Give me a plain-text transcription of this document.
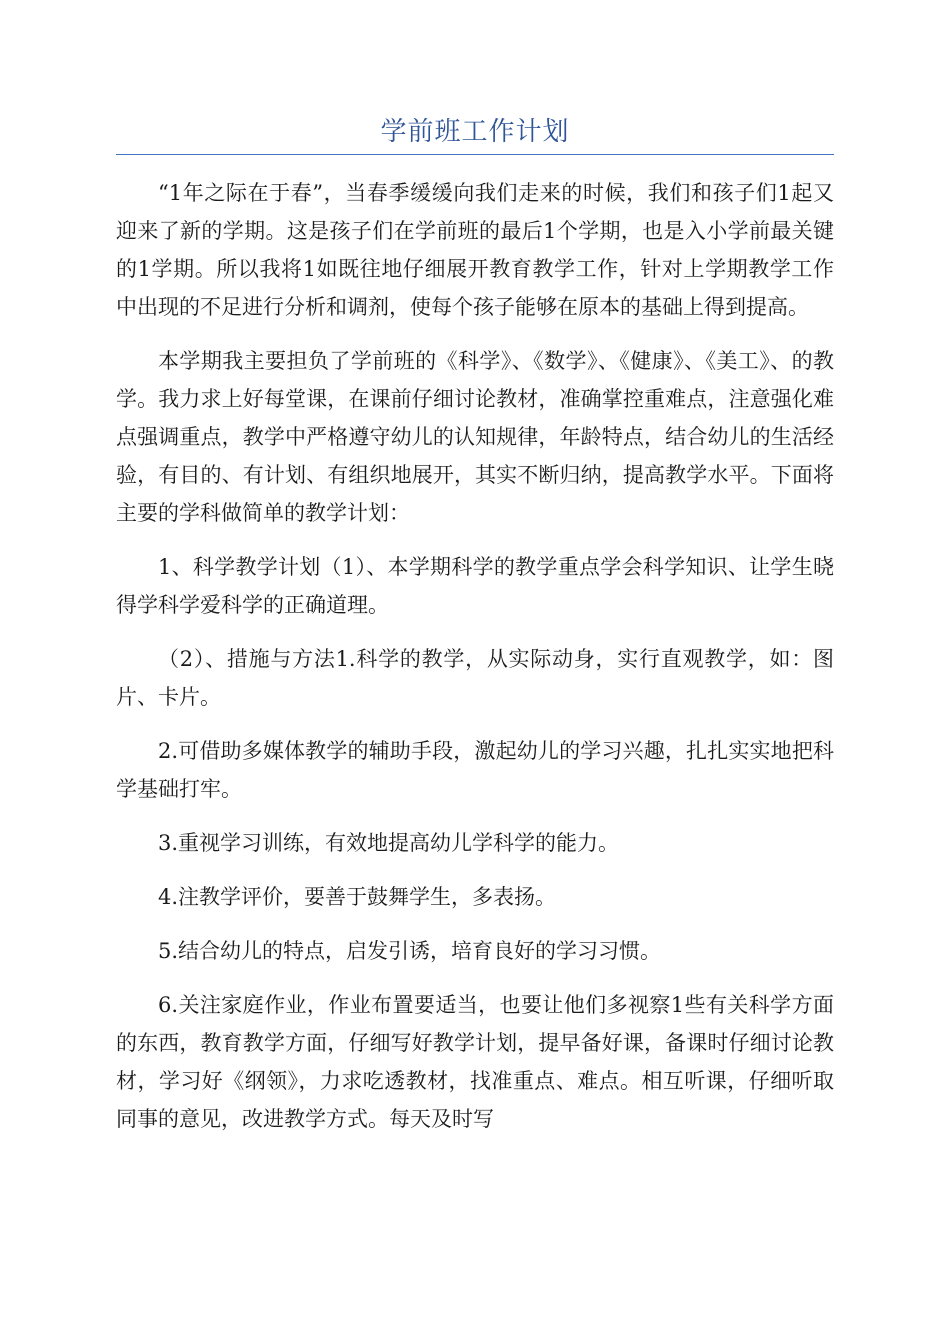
学前班工作计划

“1年之际在于春”，当春季缓缓向我们走来的时候，我们和孩子们1起又迎来了新的学期。这是孩子们在学前班的最后1个学期，也是入小学前最关键的1学期。所以我将1如既往地仔细展开教育教学工作，针对上学期教学工作中出现的不足进行分析和调剂，使每个孩子能够在原本的基础上得到提高。

本学期我主要担负了学前班的《科学》、《数学》、《健康》、《美工》、的教学。我力求上好每堂课，在课前仔细讨论教材，准确掌控重难点，注意强化难点强调重点，教学中严格遵守幼儿的认知规律，年龄特点，结合幼儿的生活经验，有目的、有计划、有组织地展开，其实不断归纳，提高教学水平。下面将主要的学科做简单的教学计划：

1、科学教学计划（1）、本学期科学的教学重点学会科学知识、让学生晓得学科学爱科学的正确道理。

（2）、措施与方法1.科学的教学，从实际动身，实行直观教学，如：图片、卡片。

2.可借助多媒体教学的辅助手段，激起幼儿的学习兴趣，扎扎实实地把科学基础打牢。

3.重视学习训练，有效地提高幼儿学科学的能力。

4.注教学评价，要善于鼓舞学生，多表扬。

5.结合幼儿的特点，启发引诱，培育良好的学习习惯。

6.关注家庭作业，作业布置要适当，也要让他们多视察1些有关科学方面的东西，教育教学方面，仔细写好教学计划，提早备好课，备课时仔细讨论教材，学习好《纲领》，力求吃透教材，找准重点、难点。相互听课，仔细听取同事的意见，改进教学方式。每天及时写
